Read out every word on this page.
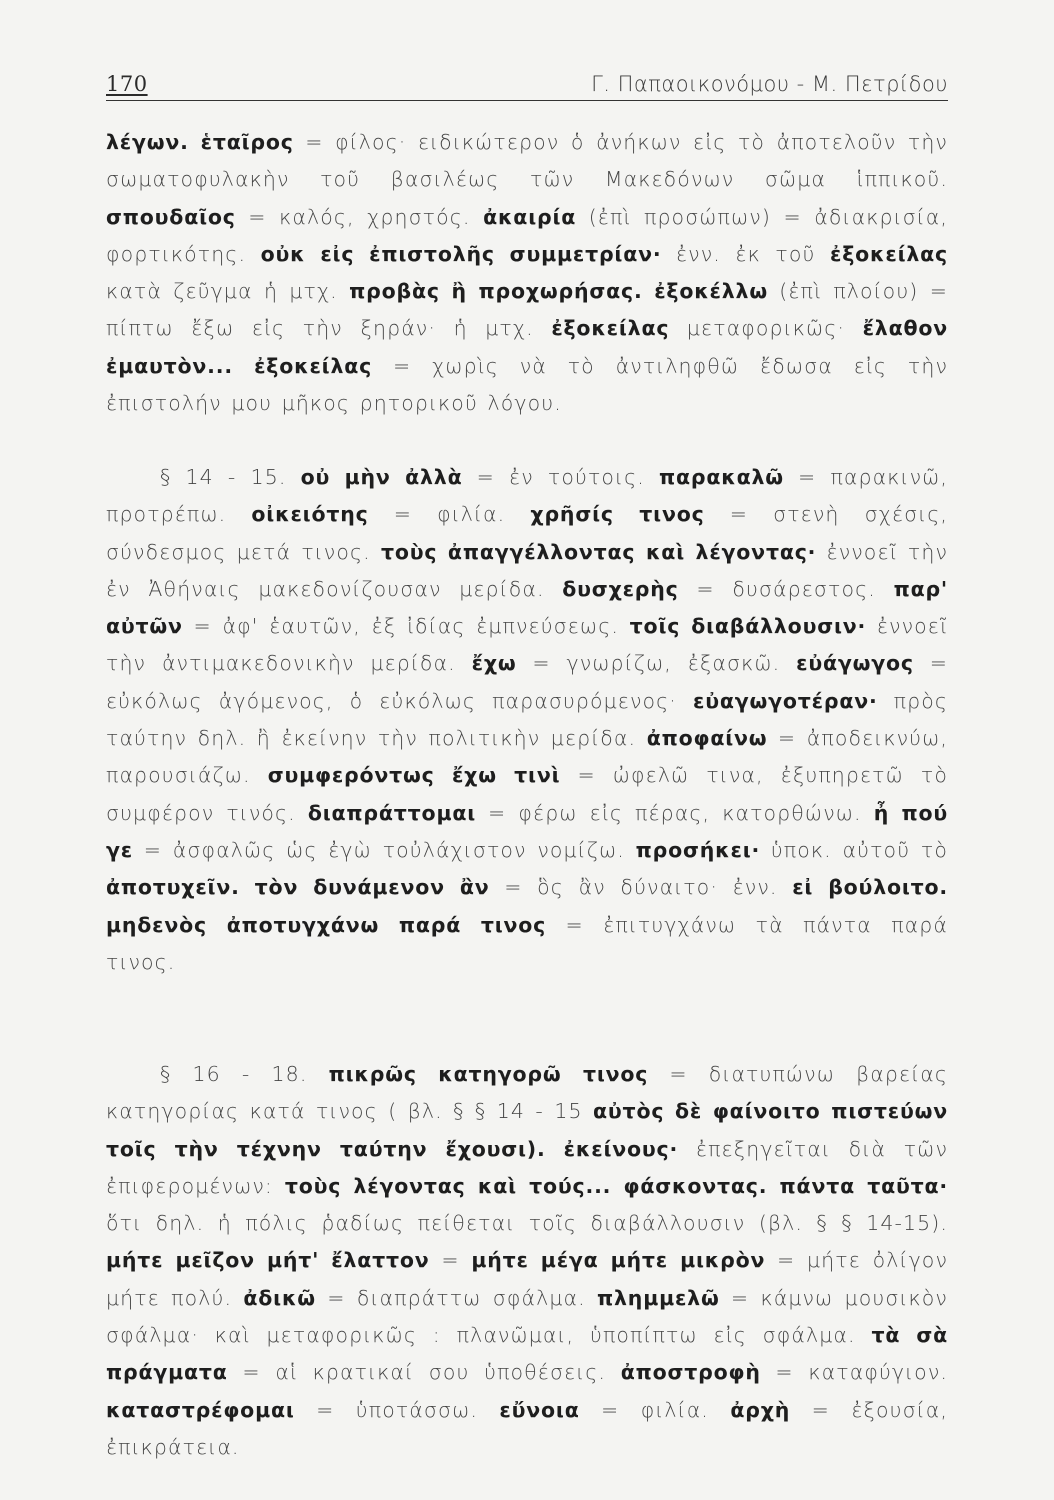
170	Γ. Παπαοικονόμου - Μ. Πετρίδου

λέγων. ἑταῖρος = φίλος· ειδικώτερον ὁ ἀνήκων εἰς τὸ ἀποτελοῦν τὴν σωματοφυλακὴν τοῦ βασιλέως τῶν Μακεδόνων σῶμα ἱππικοῦ. σπουδαῖος = καλός, χρηστός. ἀκαιρία (ἐπὶ προσώπων) = ἀδιακρισία, φορτικότης. οὐκ εἰς ἐπιστολῆς συμμετρίαν· ἐνν. ἐκ τοῦ ἐξοκείλας κατὰ ζεῦγμα ἡ μτχ. προβὰς ἢ προχωρήσας. ἐξοκέλλω (ἐπὶ πλοίου) = πίπτω ἔξω εἰς τὴν ξηράν· ἡ μτχ. ἐξοκείλας μεταφορικῶς· ἔλαθον ἐμαυτὸν... ἐξοκείλας = χωρὶς νὰ τὸ ἀντιληφθῶ ἔδωσα εἰς τὴν ἐπιστολήν μου μῆκος ρητορικοῦ λόγου.

§ 14 - 15. οὐ μὴν ἀλλὰ = ἐν τούτοις. παρακαλῶ = παρακινῶ, προτρέπω. οἰκειότης = φιλία. χρῆσίς τινος = στενὴ σχέσις, σύνδεσμος μετά τινος. τοὺς ἀπαγγέλλοντας καὶ λέγοντας· ἐννοεῖ τὴν ἐν Ἀθήναις μακεδονίζουσαν μερίδα. δυσχερὴς = δυσάρεστος. παρ' αὐτῶν = ἀφ' ἑαυτῶν, ἐξ ἰδίας ἐμπνεύσεως. τοῖς διαβάλλουσιν· ἐννοεῖ τὴν ἀντιμακεδονικὴν μερίδα. ἔχω = γνωρίζω, ἐξασκῶ. εὐάγωγος = εὐκόλως ἀγόμενος, ὁ εὐκόλως παρασυρόμενος· εὐαγωγοτέραν· πρὸς ταύτην δηλ. ἢ ἐκείνην τὴν πολιτικὴν μερίδα. ἀποφαίνω = ἀποδεικνύω, παρουσιάζω. συμφερόντως ἔχω τινὶ = ὠφελῶ τινα, ἐξυπηρετῶ τὸ συμφέρον τινός. διαπράττομαι = φέρω εἰς πέρας, κατορθώνω. ἦ πού γε = ἀσφαλῶς ὡς ἐγὼ τοὐλάχιστον νομίζω. προσήκει· ὑποκ. αὐτοῦ τὸ ἀποτυχεῖν. τὸν δυνάμενον ἂν = ὃς ἂν δύναιτο· ἐνν. εἰ βούλοιτο. μηδενὸς ἀποτυγχάνω παρά τινος = ἐπιτυγχάνω τὰ πάντα παρά τινος.

§ 16 - 18. πικρῶς κατηγορῶ τινος = διατυπώνω βαρείας κατηγορίας κατά τινος ( βλ. § § 14 - 15 αὐτὸς δὲ φαίνοιτο πιστεύων τοῖς τὴν τέχνην ταύτην ἔχουσι). ἐκείνους· ἐπεξηγεῖται διὰ τῶν ἐπιφερομένων: τοὺς λέγοντας καὶ τούς... φάσκοντας. πάντα ταῦτα· ὅτι δηλ. ἡ πόλις ῥαδίως πείθεται τοῖς διαβάλλουσιν (βλ. § § 14-15). μήτε μεῖζον μήτ' ἔλαττον = μήτε μέγα μήτε μικρὸν = μήτε ὀλίγον μήτε πολύ. ἀδικῶ = διαπράττω σφάλμα. πλημμελῶ = κάμνω μουσικὸν σφάλμα· καὶ μεταφορικῶς : πλανῶμαι, ὑποπίπτω εἰς σφάλμα. τὰ σὰ πράγματα = αἱ κρατικαί σου ὑποθέσεις. ἀποστροφὴ = καταφύγιον. καταστρέφομαι = ὑποτάσσω. εὔνοια = φιλία. ἀρχὴ = ἐξουσία, ἐπικράτεια.
